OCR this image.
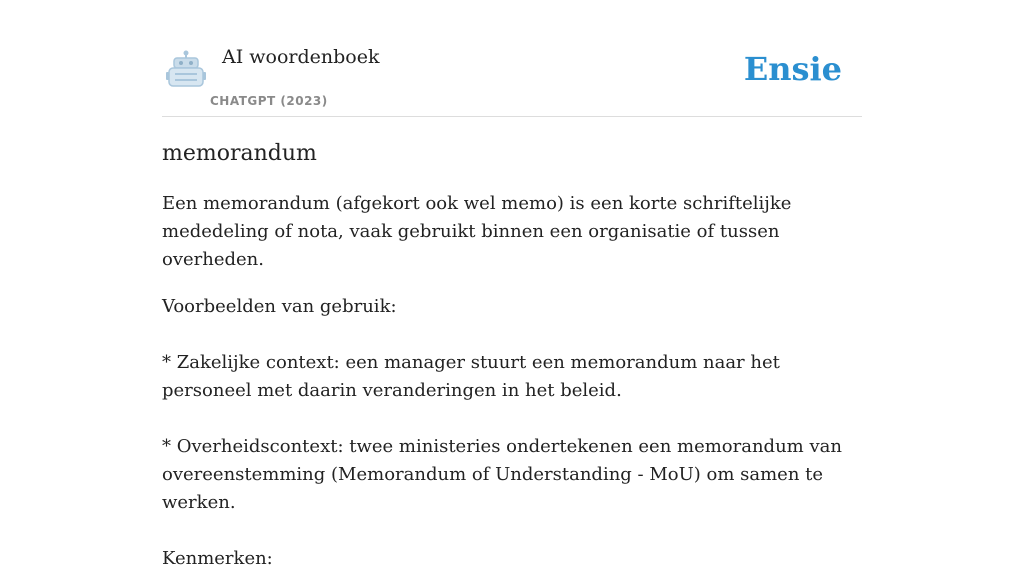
AI woordenboek
CHATGPT (2023)
Ensie
memorandum

Een memorandum (afgekort ook wel memo) is een korte schriftelijke mededeling of nota, vaak gebruikt binnen een organisatie of tussen overheden.

Voorbeelden van gebruik:

* Zakelijke context: een manager stuurt een memorandum naar het personeel met daarin veranderingen in het beleid.

* Overheidscontext: twee ministeries ondertekenen een memorandum van overeenstemming (Memorandum of Understanding - MoU) om samen te werken.

Kenmerken:
